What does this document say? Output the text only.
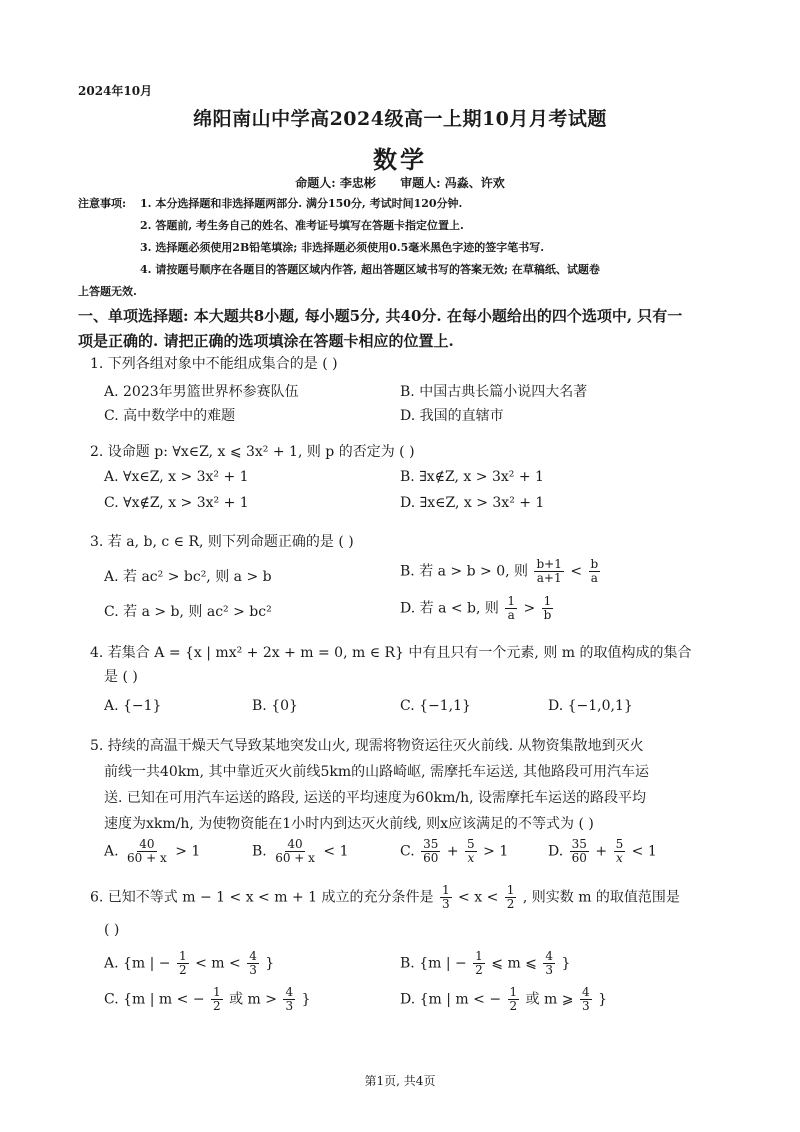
2024年10月
绵阳南山中学高2024级高一上期10月月考试题
数学
命题人: 李忠彬 审题人: 冯淼、许欢
注意事项: 1. 本分选择题和非选择题两部分. 满分150分, 考试时间120分钟.
2. 答题前, 考生务自己的姓名、准考证号填写在答题卡指定位置上.
3. 选择题必须使用2B铅笔填涂; 非选择题必须使用0.5毫米黑色字迹的签字笔书写.
4. 请按题号顺序在各题目的答题区域内作答, 超出答题区域书写的答案无效; 在草稿纸、试题卷
上答题无效.
一、单项选择题: 本大题共8小题, 每小题5分, 共40分. 在每小题给出的四个选项中, 只有一
项是正确的. 请把正确的选项填涂在答题卡相应的位置上.
1. 下列各组对象中不能组成集合的是 ( )
A. 2023年男篮世界杯参赛队伍	B. 中国古典长篇小说四大名著
C. 高中数学中的难题	D. 我国的直辖市
2. 设命题 p: ∀x∈Z, x ⩽ 3x² + 1, 则 p 的否定为 ( )
A. ∀x∈Z, x > 3x² + 1	B. ∃x∉Z, x > 3x² + 1
C. ∀x∉Z, x > 3x² + 1	D. ∃x∈Z, x > 3x² + 1
3. 若 a, b, c ∈ R, 则下列命题正确的是 ( )
A. 若 ac² > bc², 则 a > b	B. 若 a > b > 0, 则 $\frac{b+1}{a+1} < \frac{b}{a}$
C. 若 a > b, 则 ac² > bc²	D. 若 a < b, 则 $\frac{1}{a} > \frac{1}{b}$
4. 若集合 A = {x | mx² + 2x + m = 0, m ∈ R} 中有且只有一个元素, 则 m 的取值构成的集合
是 ( )
A. {−1}	B. {0}	C. {−1,1}	D. {−1,0,1}
5. 持续的高温干燥天气导致某地突发山火, 现需将物资运往灭火前线. 从物资集散地到灭火
前线一共40km, 其中靠近灭火前线5km的山路崎岖, 需摩托车运送, 其他路段可用汽车运
送. 已知在可用汽车运送的路段, 运送的平均速度为60km/h, 设需摩托车运送的路段平均
速度为xkm/h, 为使物资能在1小时内到达灭火前线, 则x应该满足的不等式为 ( )
A. $\frac{40}{60 + x} > 1$	B. $\frac{40}{60 + x} < 1$	C. $\frac{35}{60} + \frac{5}{x} > 1$	D. $\frac{35}{60} + \frac{5}{x} < 1$
6. 已知不等式 m − 1 < x < m + 1 成立的充分条件是 $\frac{1}{3} < x < \frac{1}{2}$ , 则实数 m 的取值范围是
( )
A. {m | − $\frac{1}{2} < m < \frac{4}{3}$ }	B. {m | − $\frac{1}{2}$ ⩽ m ⩽ $\frac{4}{3}$ }
C. {m | m < − $\frac{1}{2}$ 或 $m > \frac{4}{3}$ }	D. {m | m < − $\frac{1}{2}$ 或 m ⩾ $\frac{4}{3}$ }
第1页, 共4页
